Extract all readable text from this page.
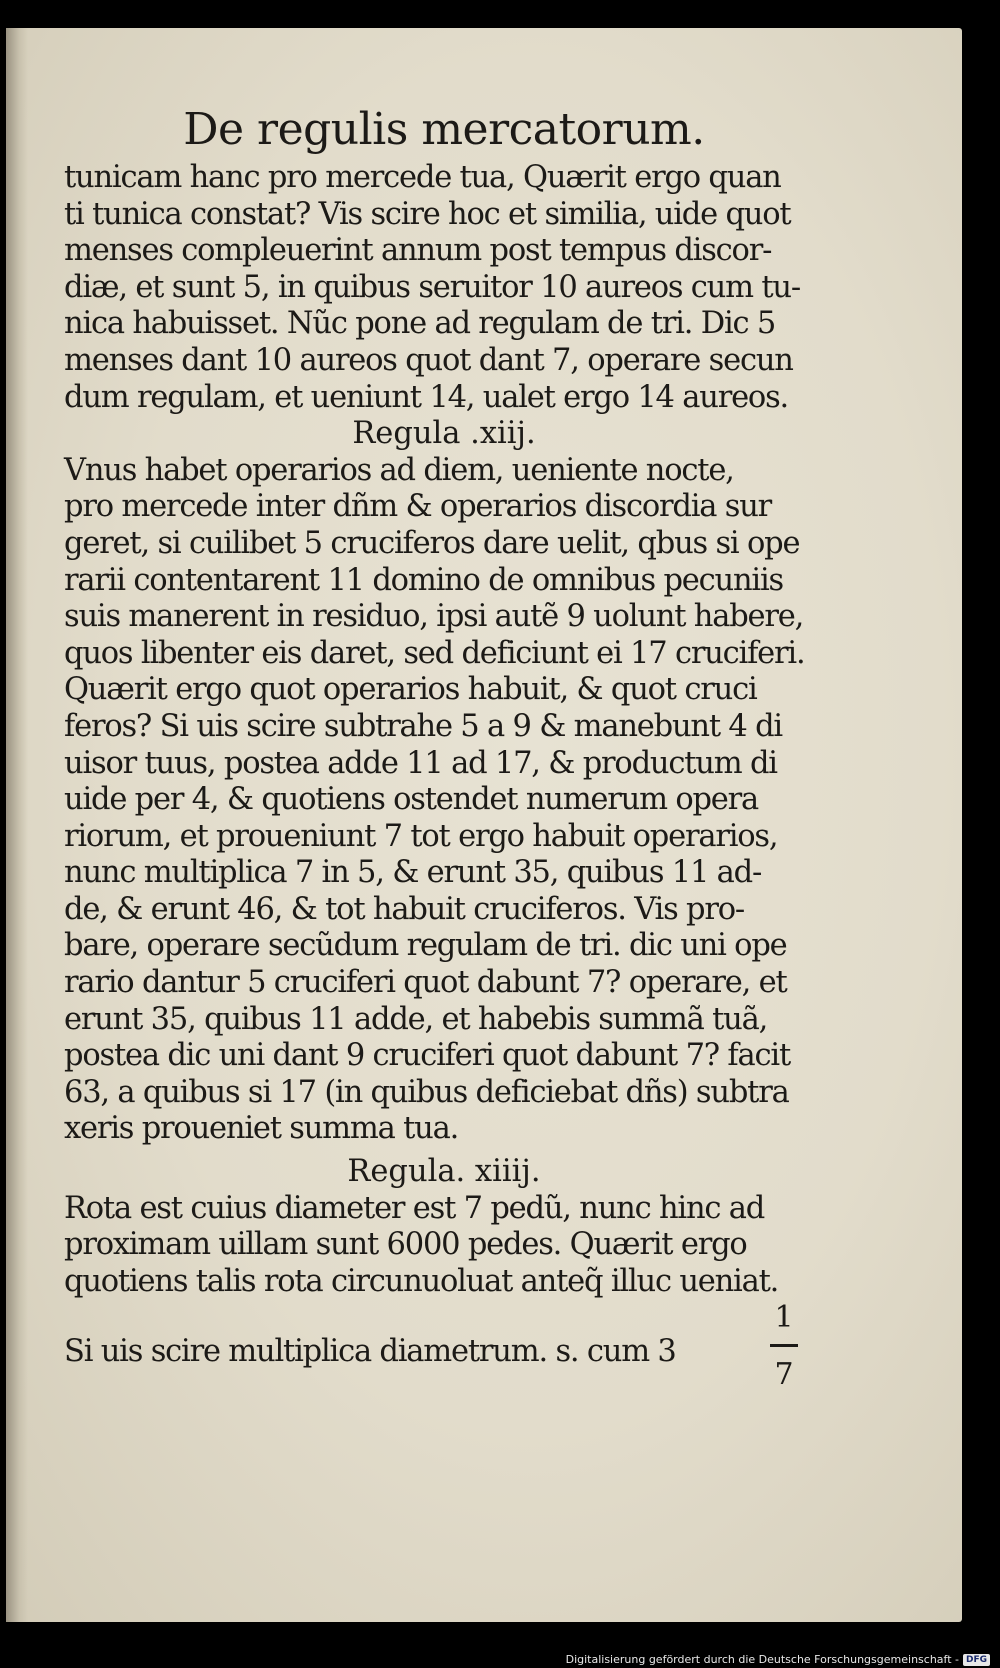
De regulis mercatorum.
tunicam hanc pro mercede tua, Quærit ergo quan
ti tunica constat? Vis scire hoc et similia, uide quot
menses compleuerint annum post tempus discor-
diæ, et sunt 5, in quibus seruitor 10 aureos cum tu-
nica habuisset. Nũc pone ad regulam de tri. Dic 5
menses dant 10 aureos quot dant 7, operare secun
dum regulam, et ueniunt 14, ualet ergo 14 aureos.
Regula .xiij.
Vnus habet operarios ad diem, ueniente nocte,
pro mercede inter dñm & operarios discordia sur
geret, si cuilibet 5 cruciferos dare uelit, qbus si ope
rarii contentarent 11 domino de omnibus pecuniis
suis manerent in residuo, ipsi autẽ 9 uolunt habere,
quos libenter eis daret, sed deficiunt ei 17 cruciferi.
Quærit ergo quot operarios habuit, & quot cruci
feros? Si uis scire subtrahe 5 a 9 & manebunt 4 di
uisor tuus, postea adde 11 ad 17, & productum di
uide per 4, & quotiens ostendet numerum opera
riorum, et proueniunt 7 tot ergo habuit operarios,
nunc multiplica 7 in 5, & erunt 35, quibus 11 ad-
de, & erunt 46, & tot habuit cruciferos. Vis pro-
bare, operare secũdum regulam de tri. dic uni ope
rario dantur 5 cruciferi quot dabunt 7? operare, et
erunt 35, quibus 11 adde, et habebis summã tuã,
postea dic uni dant 9 cruciferi quot dabunt 7? facit
63, a quibus si 17 (in quibus deficiebat dñs) subtra
xeris proueniet summa tua.
Regula. xiiij.
Rota est cuius diameter est 7 pedũ, nunc hinc ad
proximam uillam sunt 6000 pedes. Quærit ergo
quotiens talis rota circunuoluat anteq̃ illuc ueniat.
Si uis scire multiplica diametrum. s. cum 3
1
7
Digitalisierung gefördert durch die Deutsche Forschungsgemeinschaft - DFG
